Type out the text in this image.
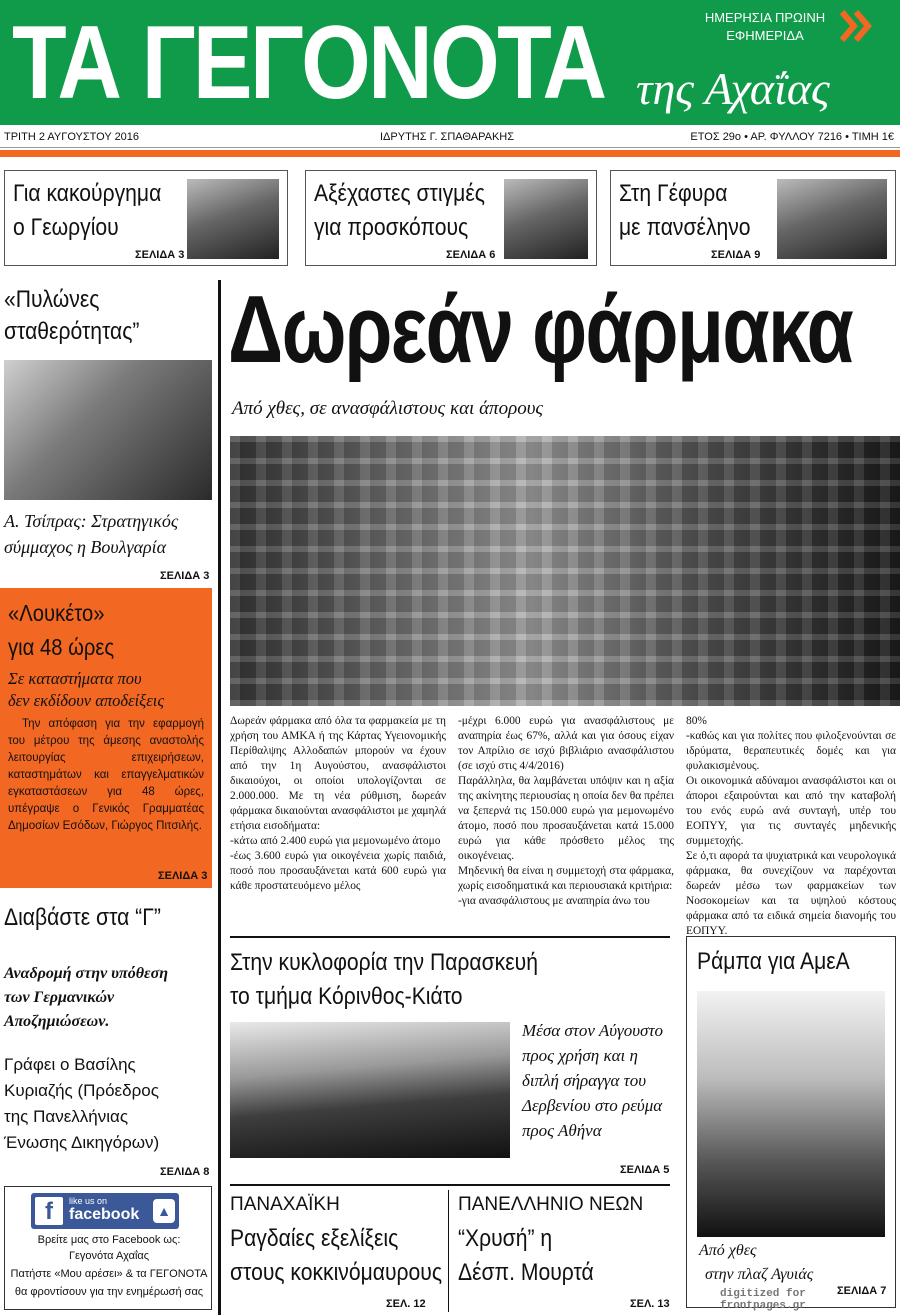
ΤΑ ΓΕΓΟΝΟΤΑ της Αχαΐας
ΗΜΕΡΗΣΙΑ ΠΡΩΙΝΗ
ΕΦΗΜΕΡΙΔΑ
ΤΡΙΤΗ 2 ΑΥΓΟΥΣΤΟΥ 2016	ΙΔΡΥΤΗΣ Γ. ΣΠΑΘΑΡΑΚΗΣ	ΕΤΟΣ 29ο • ΑΡ. ΦΥΛΛΟΥ 7216 • ΤΙΜΗ 1€
Για κακούργημα
ο Γεωργίου
ΣΕΛΙΔΑ 3
Αξέχαστες στιγμές
για προσκόπους
ΣΕΛΙΔΑ 6
Στη Γέφυρα
με πανσέληνο
ΣΕΛΙΔΑ 9
«Πυλώνες
σταθερότητας”
Α. Τσίπρας: Στρατηγικός
σύμμαχος η Βουλγαρία
ΣΕΛΙΔΑ 3
«Λουκέτο»
για 48 ώρες
Σε καταστήματα που
δεν εκδίδουν αποδείξεις
Την απόφαση για την εφαρμογή του μέτρου της άμεσης αναστολής λειτουργίας επιχειρήσεων, καταστημάτων και επαγγελματικών εγκαταστάσεων για 48 ώρες, υπέγραψε ο Γενικός Γραμματέας Δημοσίων Εσόδων, Γιώργος Πιτσιλής.
ΣΕΛΙΔΑ 3
Διαβάστε στα “Γ”
Αναδρομή στην υπόθεση
των Γερμανικών
Αποζημιώσεων.
Γράφει ο Βασίλης
Κυριαζής (Πρόεδρος
της Πανελλήνιας
Ένωσης Δικηγόρων)
ΣΕΛΙΔΑ 8
f	like us on
facebook ▲
Βρείτε μας στο Facebook ως:
Γεγονότα Αχαΐας
Πατήστε «Μου αρέσει» & τα ΓΕΓΟΝΟΤΑ
θα φροντίσουν για την ενημέρωσή σας
Δωρεάν φάρμακα
Από χθες, σε ανασφάλιστους και άπορους

Δωρεάν φάρμακα από όλα τα φαρμακεία με τη χρήση του ΑΜΚΑ ή της Κάρτας Υγειονομικής Περίθαλψης Αλλοδαπών μπορούν να έχουν από την 1η Αυγούστου, ανασφάλιστοι δικαιούχοι, οι οποίοι υπολογίζονται σε 2.000.000. Με τη νέα ρύθμιση, δωρεάν φάρμακα δικαιούνται ανασφάλιστοι με χαμηλά ετήσια εισοδήματα:

-κάτω από 2.400 ευρώ για μεμονωμένο άτομο

-έως 3.600 ευρώ για οικογένεια χωρίς παιδιά, ποσό που προσαυξάνεται κατά 600 ευρώ για κάθε προστατευόμενο μέλος

-μέχρι 6.000 ευρώ για ανασφάλιστους με αναπηρία έως 67%, αλλά και για όσους είχαν τον Απρίλιο σε ισχύ βιβλιάριο ανασφάλιστου (σε ισχύ στις 4/4/2016)

Παράλληλα, θα λαμβάνεται υπόψιν και η αξία της ακίνητης περιουσίας η οποία δεν θα πρέπει να ξεπερνά τις 150.000 ευρώ για μεμονωμένο άτομο, ποσό που προσαυξάνεται κατά 15.000 ευρώ για κάθε πρόσθετο μέλος της οικογένειας.

Μηδενική θα είναι η συμμετοχή στα φάρμακα, χωρίς εισοδηματικά και περιουσιακά κριτήρια:

-για ανασφάλιστους με αναπηρία άνω του

80%

-καθώς και για πολίτες που φιλοξενούνται σε ιδρύματα, θεραπευτικές δομές και για φυλακισμένους.

Οι οικονομικά αδύναμοι ανασφάλιστοι και οι άποροι εξαιρούνται και από την καταβολή του ενός ευρώ ανά συνταγή, υπέρ του ΕΟΠΥΥ, για τις συνταγές μηδενικής συμμετοχής.

Σε ό,τι αφορά τα ψυχιατρικά και νευρολογικά φάρμακα, θα συνεχίζουν να παρέχονται δωρεάν μέσω των φαρμακείων των Νοσοκομείων και τα υψηλού κόστους φάρμακα από τα ειδικά σημεία διανομής του ΕΟΠΥΥ.

Στην κυκλοφορία την Παρασκευή
το τμήμα Κόρινθος-Κιάτο
Μέσα στον Αύγουστο προς χρήση και η διπλή σήραγγα του Δερβενίου στο ρεύμα προς Αθήνα
ΣΕΛΙΔΑ 5
ΠΑΝΑΧΑΪΚΗ
Ραγδαίες εξελίξεις
στους κοκκινόμαυρους
ΣΕΛ. 12
ΠΑΝΕΛΛΗΝΙΟ ΝΕΩΝ
“Χρυσή” η
Δέσπ. Μουρτά
ΣΕΛ. 13
Ράμπα για ΑμεΑ
Από χθες
στην πλαζ Αγυιάς
ΣΕΛΙΔΑ 7
digitized for
frontpages.gr
